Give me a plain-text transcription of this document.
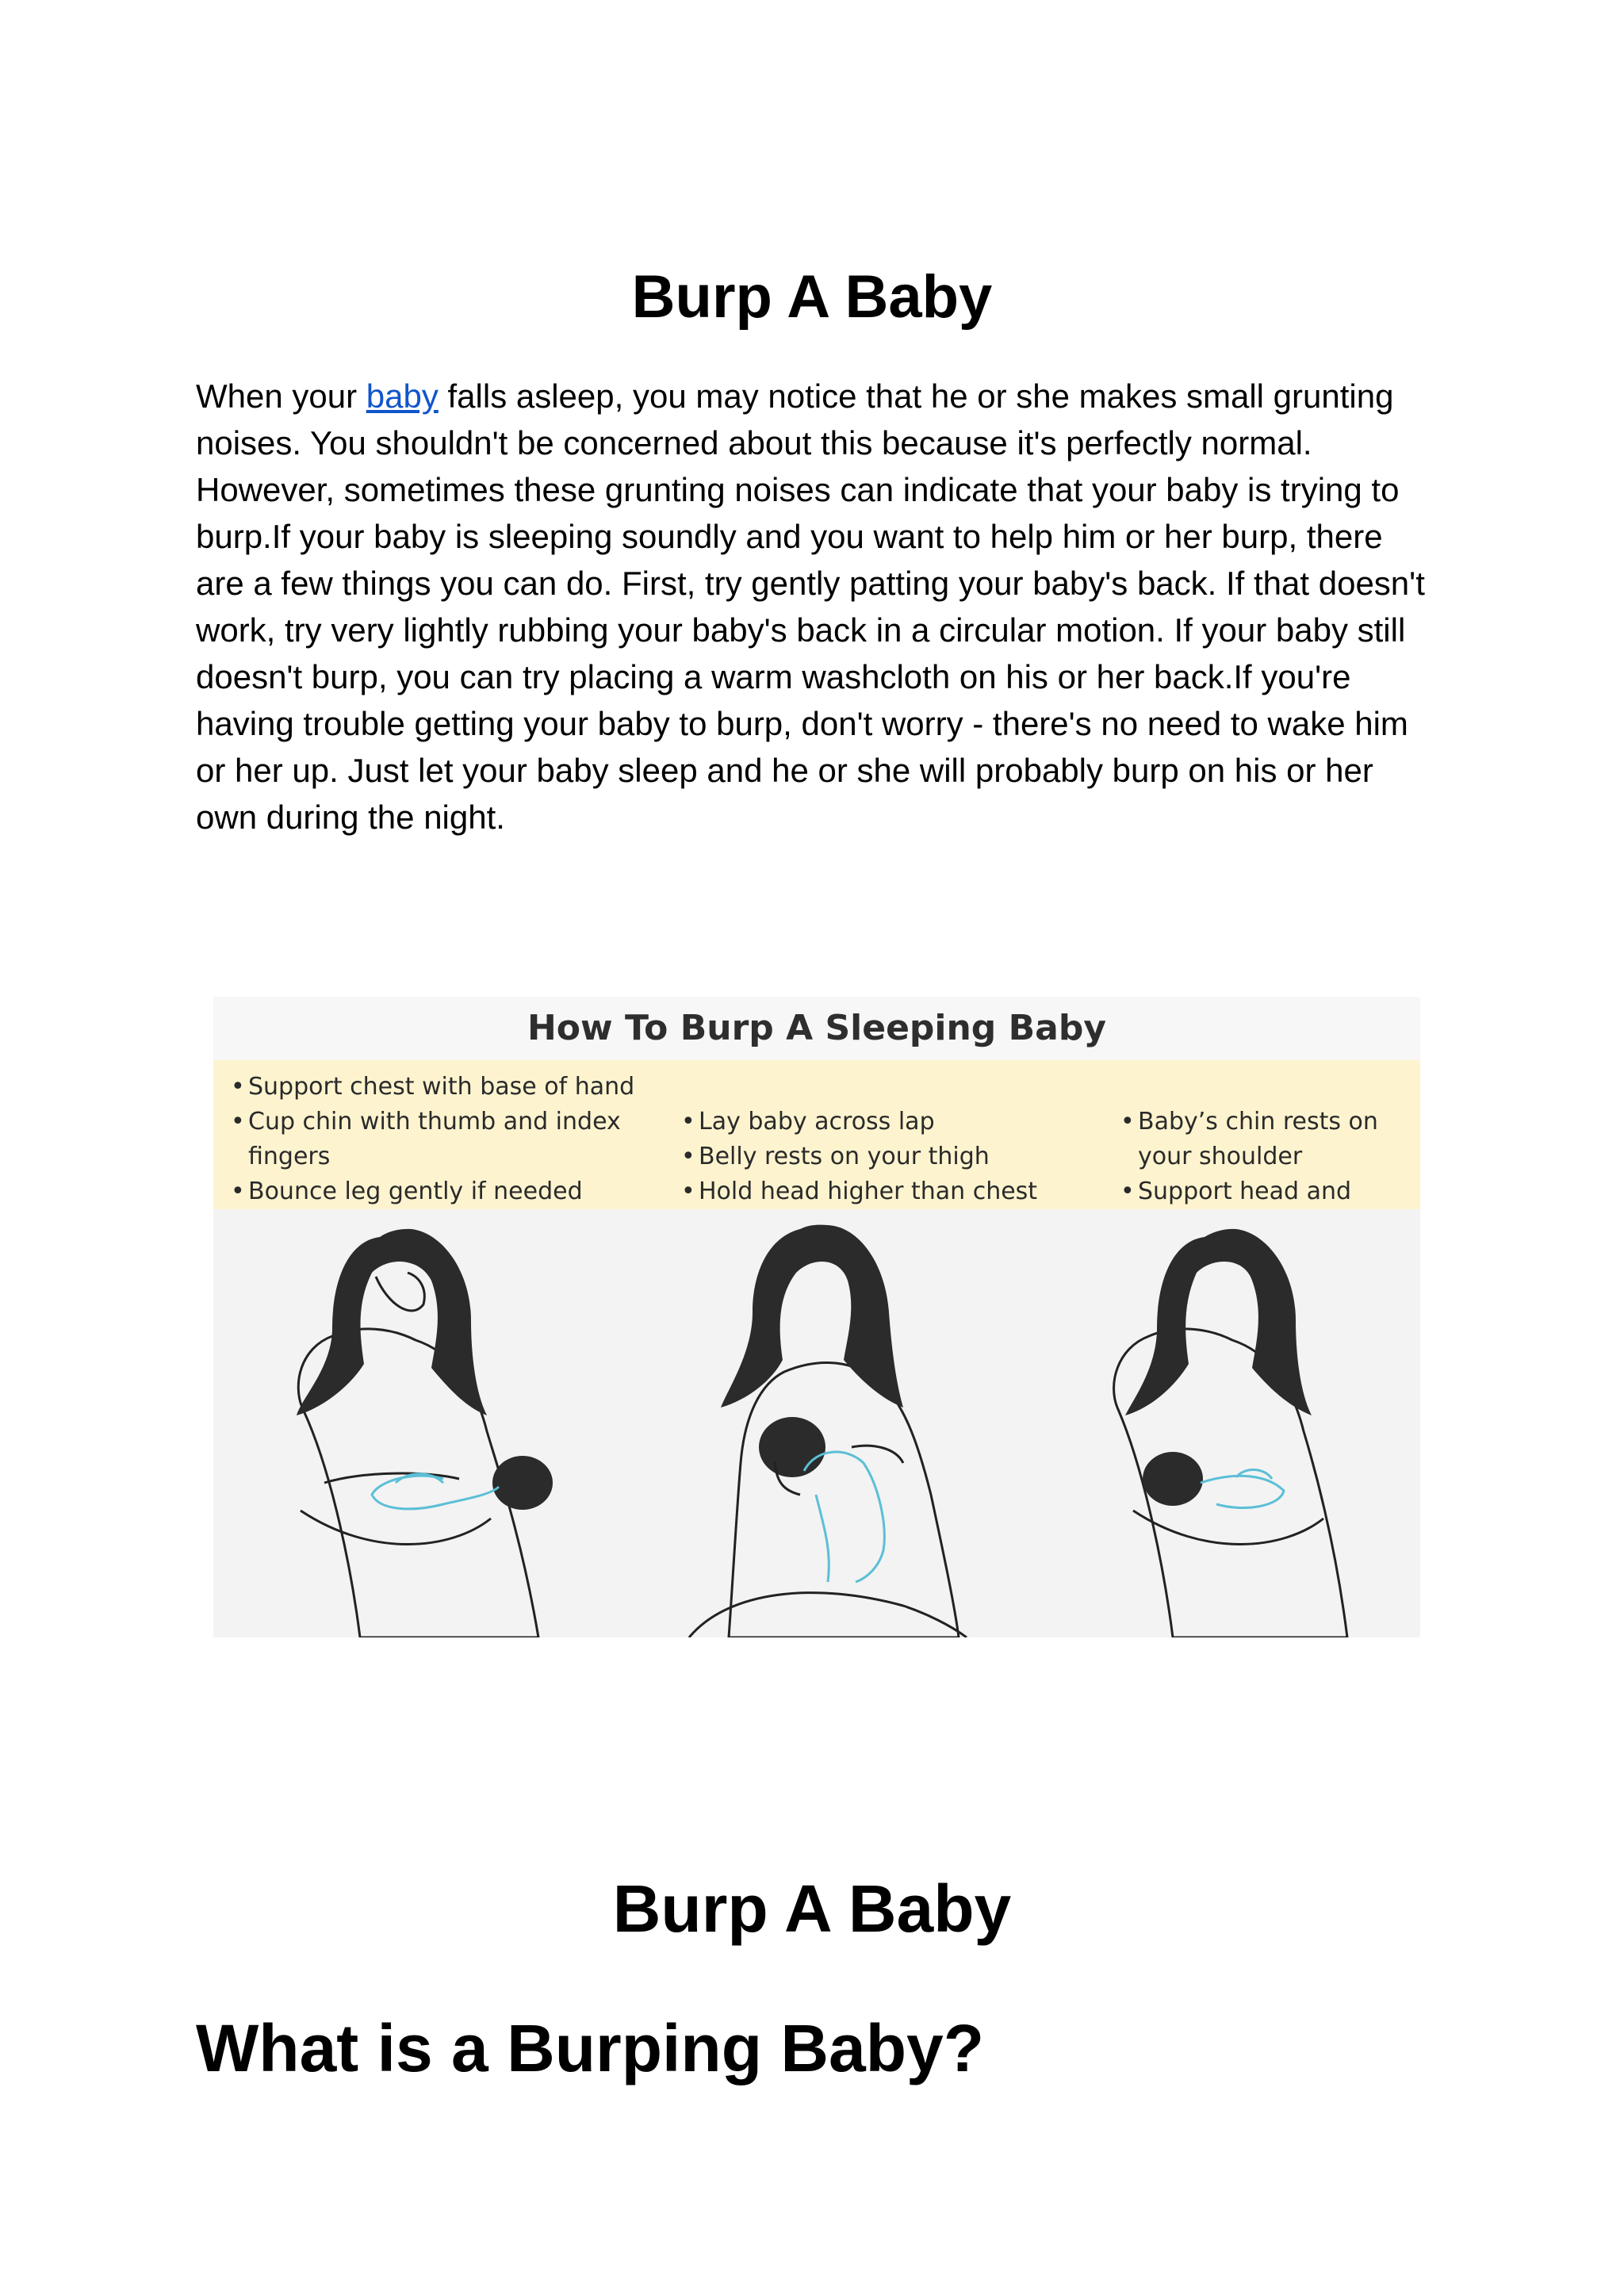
Burp A Baby

When your baby falls asleep, you may notice that he or she makes small grunting noises. You shouldn't be concerned about this because it's perfectly normal. However, sometimes these grunting noises can indicate that your baby is trying to burp.If your baby is sleeping soundly and you want to help him or her burp, there are a few things you can do. First, try gently patting your baby's back. If that doesn't work, try very lightly rubbing your baby's back in a circular motion. If your baby still doesn't burp, you can try placing a warm washcloth on his or her back.If you're having trouble getting your baby to burp, don't worry - there's no need to wake him or her up. Just let your baby sleep and he or she will probably burp on his or her own during the night.

How To Burp A Sleeping Baby
• Support chest with base of hand
• Cup chin with thumb and index fingers
• Bounce leg gently if needed
• Lay baby across lap
• Belly rests on your thigh
• Hold head higher than chest
• Baby’s chin rests on your shoulder
• Support head and
Burp A Baby
What is a Burping Baby?
